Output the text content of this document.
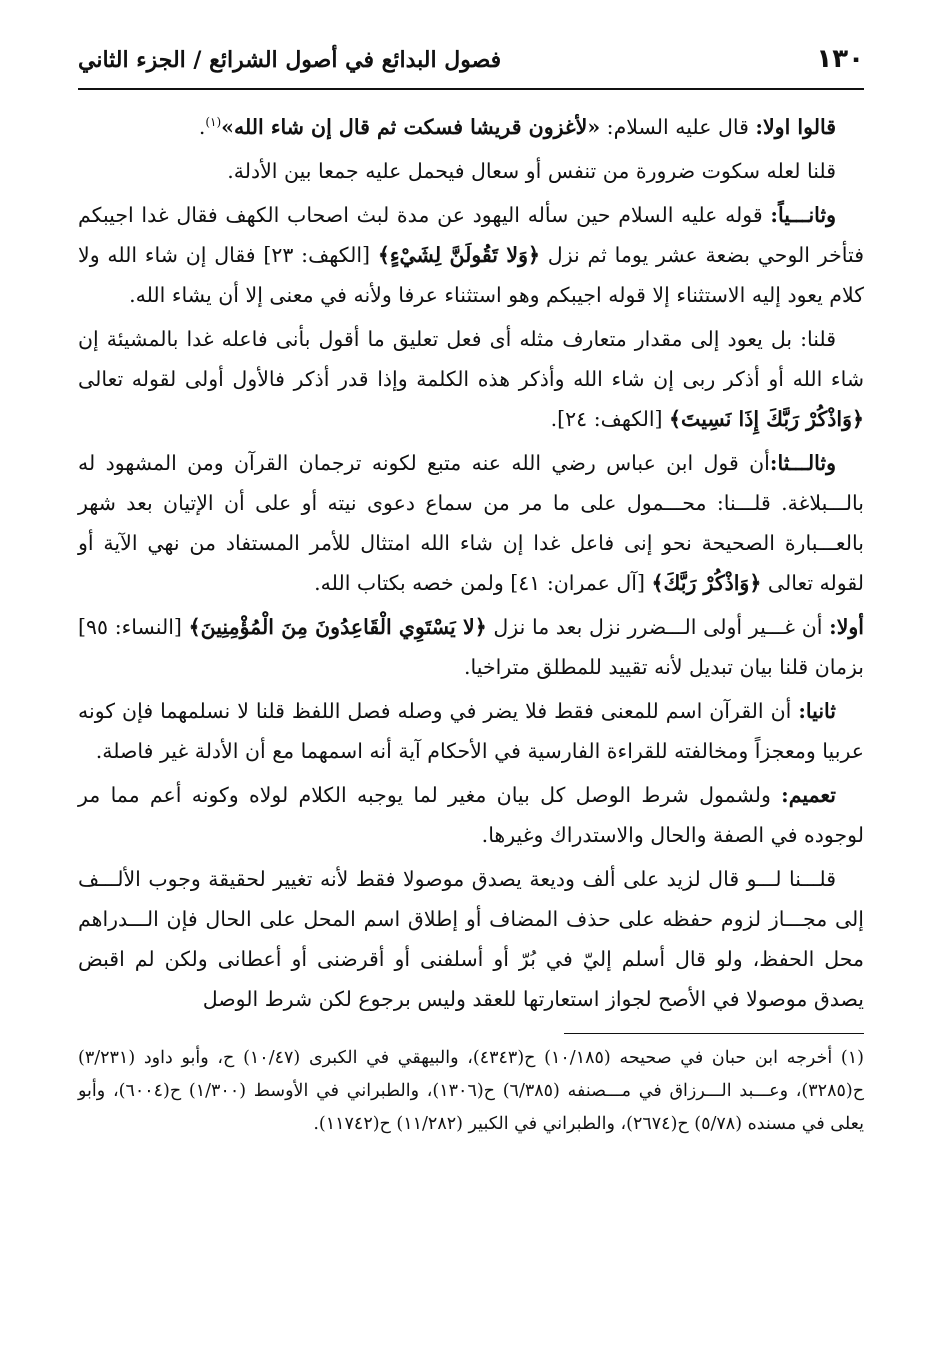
١٣٠
فصول البدائع في أصول الشرائع / الجزء الثاني

قالوا اولا: قال عليه السلام: «لأغزون قريشا فسكت ثم قال إن شاء الله»$^{(١)}$.

قلنا لعله سكوت ضرورة من تنفس أو سعال فيحمل عليه جمعا بين الأدلة.

وثانـــياً: قوله عليه السلام حين سأله اليهود عن مدة لبث اصحاب الكهف فقال غدا اجيبكم فتأخر الوحي بضعة عشر يوما ثم نزل ﴿وَلا تَقُولَنَّ لِشَيْءٍ﴾ [الكهف: ٢٣] فقال إن شاء الله ولا كلام يعود إليه الاستثناء إلا قوله اجيبكم وهو استثناء عرفا ولأنه في معنى إلا أن يشاء الله.

قلنا: بل يعود إلى مقدار متعارف مثله أى فعل تعليق ما أقول بأنى فاعله غدا بالمشيئة إن شاء الله أو أذكر ربى إن شاء الله وأذكر هذه الكلمة وإذا قدر أذكر فالأول أولى لقوله تعالى ﴿وَاذْكُرْ رَبَّكَ إِذَا نَسِيتَ﴾ [الكهف: ٢٤].

وثالـــثا:أن قول ابن عباس رضي الله عنه متبع لكونه ترجمان القرآن ومن المشهود له بالـــبلاغة. قلـــنا: محـــمول على ما مر من سماع دعوى نيته أو على أن الإتيان بعد شهر بالعـــبارة الصحيحة نحو إنى فاعل غدا إن شاء الله امتثال للأمر المستفاد من نهي الآية أو لقوله تعالى ﴿وَاذْكُرْ رَبَّكَ﴾ [آل عمران: ٤١] ولمن خصه بكتاب الله.

أولا: أن غـــير أولى الـــضرر نزل بعد ما نزل ﴿لا يَسْتَوِي الْقَاعِدُونَ مِنَ الْمُؤْمِنِينَ﴾ [النساء: ٩٥] بزمان قلنا بيان تبديل لأنه تقييد للمطلق متراخيا.

ثانيا: أن القرآن اسم للمعنى فقط فلا يضر في وصله فصل اللفظ قلنا لا نسلمهما فإن كونه عربيا ومعجزاً ومخالفته للقراءة الفارسية في الأحكام آية أنه اسمهما مع أن الأدلة غير فاصلة.

تعميم: ولشمول شرط الوصل كل بيان مغير لما يوجبه الكلام لولاه وكونه أعم مما مر لوجوده في الصفة والحال والاستدراك وغيرها.

قلـــنا لـــو قال لزيد على ألف وديعة يصدق موصولا فقط لأنه تغيير لحقيقة وجوب الألـــف إلى مجـــاز لزوم حفظه على حذف المضاف أو إطلاق اسم المحل على الحال فإن الـــدراهم محل الحفظ، ولو قال أسلم إليّ في بُرّ أو أسلفنى أو أقرضنى أو أعطانى ولكن لم اقبض يصدق موصولا في الأصح لجواز استعارتها للعقد وليس برجوع لكن شرط الوصل

(١) أخرجه ابن حبان في صحيحه (١٠/١٨٥) ح(٤٣٤٣)، والبيهقي في الكبرى (١٠/٤٧) ح، وأبو داود (٣/٢٣١) ح(٣٢٨٥)، وعـــبد الـــرزاق في مـــصنفه (٦/٣٨٥) ح(١٣٠٦)، والطبراني في الأوسط (١/٣٠٠) ح(٦٠٠٤)، وأبو يعلى في مسنده (٥/٧٨) ح(٢٦٧٤)، والطبراني في الكبير (١١/٢٨٢) ح(١١٧٤٢).
